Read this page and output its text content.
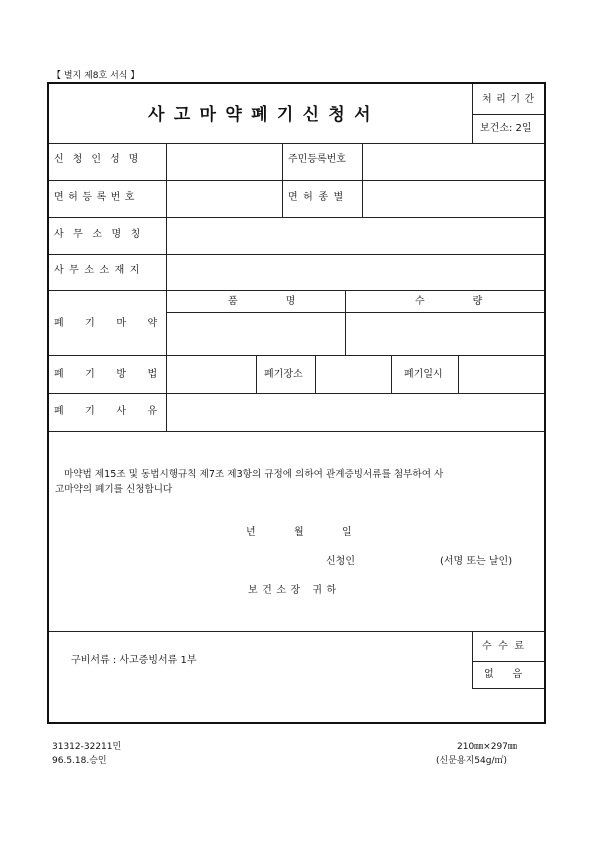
【 별지 제8호 서식 】
사고마약폐기신청서
처리기간
보건소: 2일
신청인성명	주민등록번호
면허등록번호	면허종별
사무소명칭
사무소소재지
폐기마약
품명	수량
폐기방법	폐기장소	폐기일시
폐기사유
마약법 제15조 및 동법시행규칙 제7조 제3항의 규정에 의하여 관계증빙서류를 첨부하여 사
고마약의 폐기를 신청합니다
년	월	일
신청인	(서명 또는 날인)
보건소장 귀하
구비서류 : 사고증빙서류 1부
수수료
없음
31312-32211민
96.5.18.승인
210㎜×297㎜
(신문용지54g/㎡)
